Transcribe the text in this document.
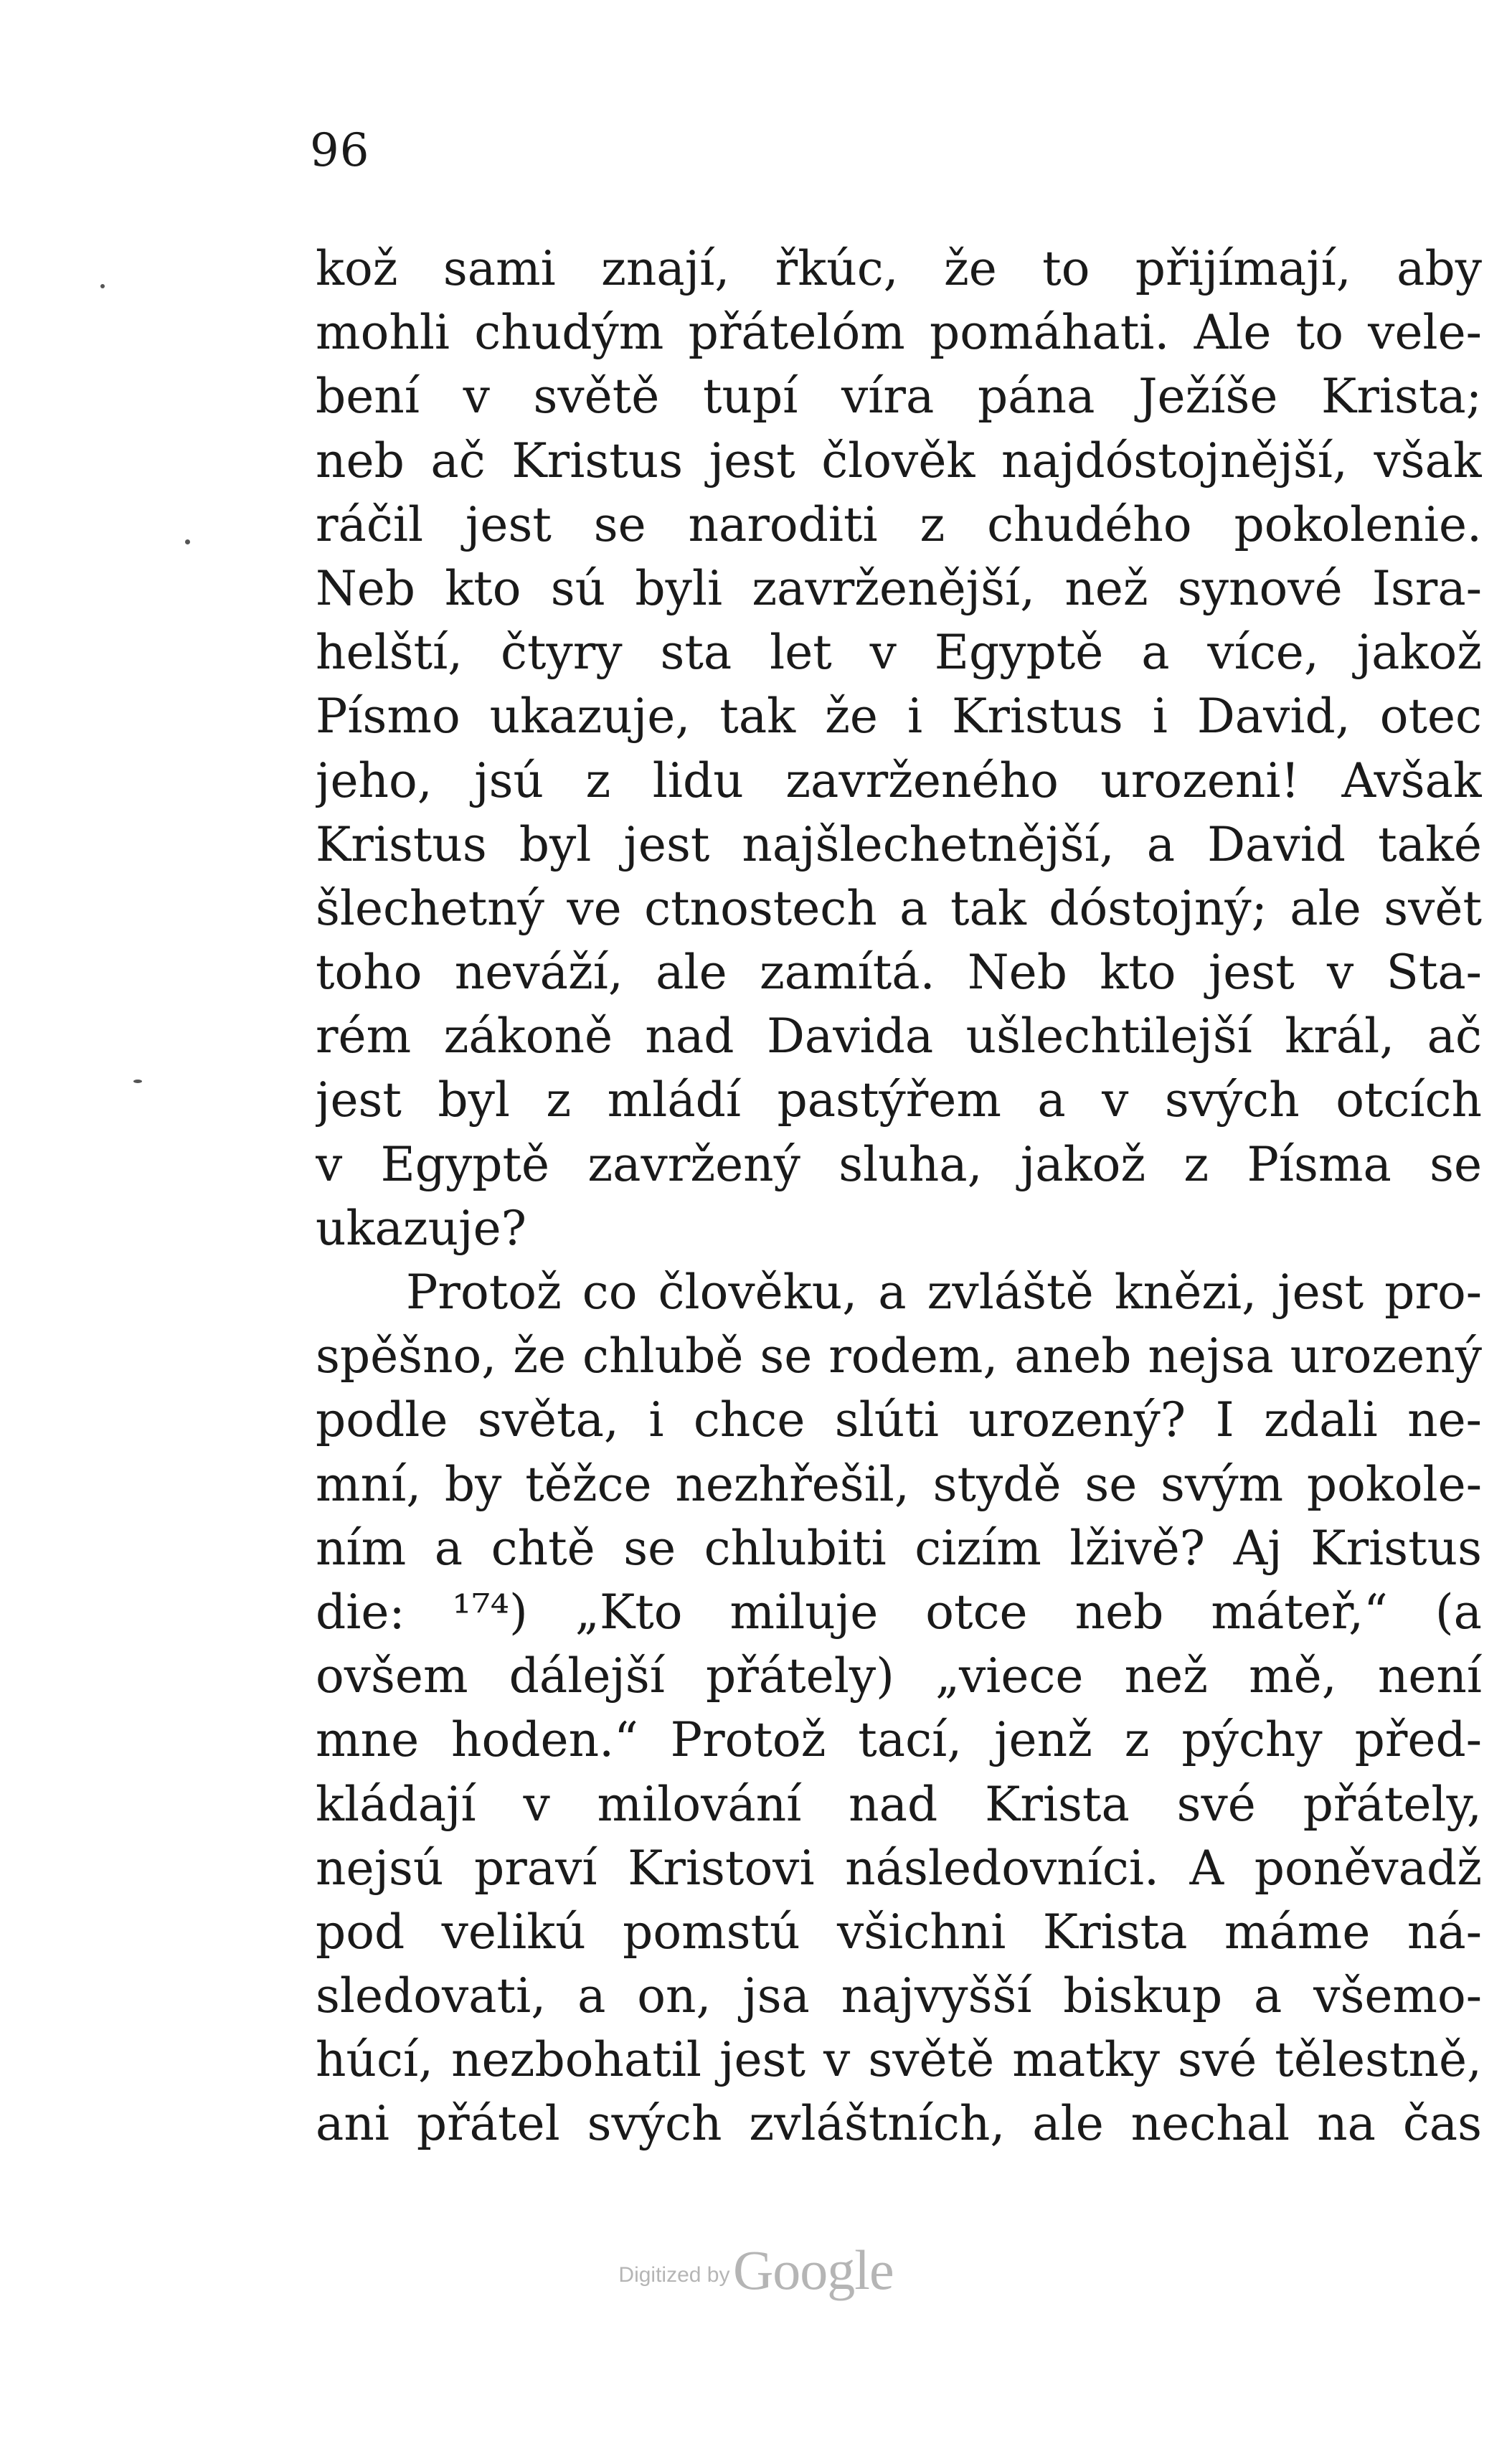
96
kož sami znají, řkúc, že to přijímají, aby
mohli chudým přátelóm pomáhati. Ale to vele-
bení v světě tupí víra pána Ježíše Krista;
neb ač Kristus jest člověk najdóstojnější, však
ráčil jest se naroditi z chudého pokolenie.
Neb kto sú byli zavrženější, než synové Isra-
helští, čtyry sta let v Egyptě a více, jakož
Písmo ukazuje, tak že i Kristus i David, otec
jeho, jsú z lidu zavrženého urozeni! Avšak
Kristus byl jest najšlechetnější, a David také
šlechetný ve ctnostech a tak dóstojný; ale svět
toho neváží, ale zamítá. Neb kto jest v Sta-
rém zákoně nad Davida ušlechtilejší král, ač
jest byl z mládí pastýřem a v svých otcích
v Egyptě zavržený sluha, jakož z Písma se
ukazuje?
Protož co člověku, a zvláště knězi, jest pro-
spěšno, že chlubě se rodem, aneb nejsa urozený
podle světa, i chce slúti urozený? I zdali ne-
mní, by těžce nezhřešil, stydě se svým pokole-
ním a chtě se chlubiti cizím lživě? Aj Kristus
die: ¹⁷⁴) „Kto miluje otce neb máteř,“ (a
ovšem dálejší přátely) „viece než mě, není
mne hoden.“ Protož tací, jenž z pýchy před-
kládají v milování nad Krista své přátely,
nejsú praví Kristovi následovníci. A poněvadž
pod velikú pomstú všichni Krista máme ná-
sledovati, a on, jsa najvyšší biskup a všemo-
húcí, nezbohatil jest v světě matky své tělestně,
ani přátel svých zvláštních, ale nechal na čas
Digitized by Google
